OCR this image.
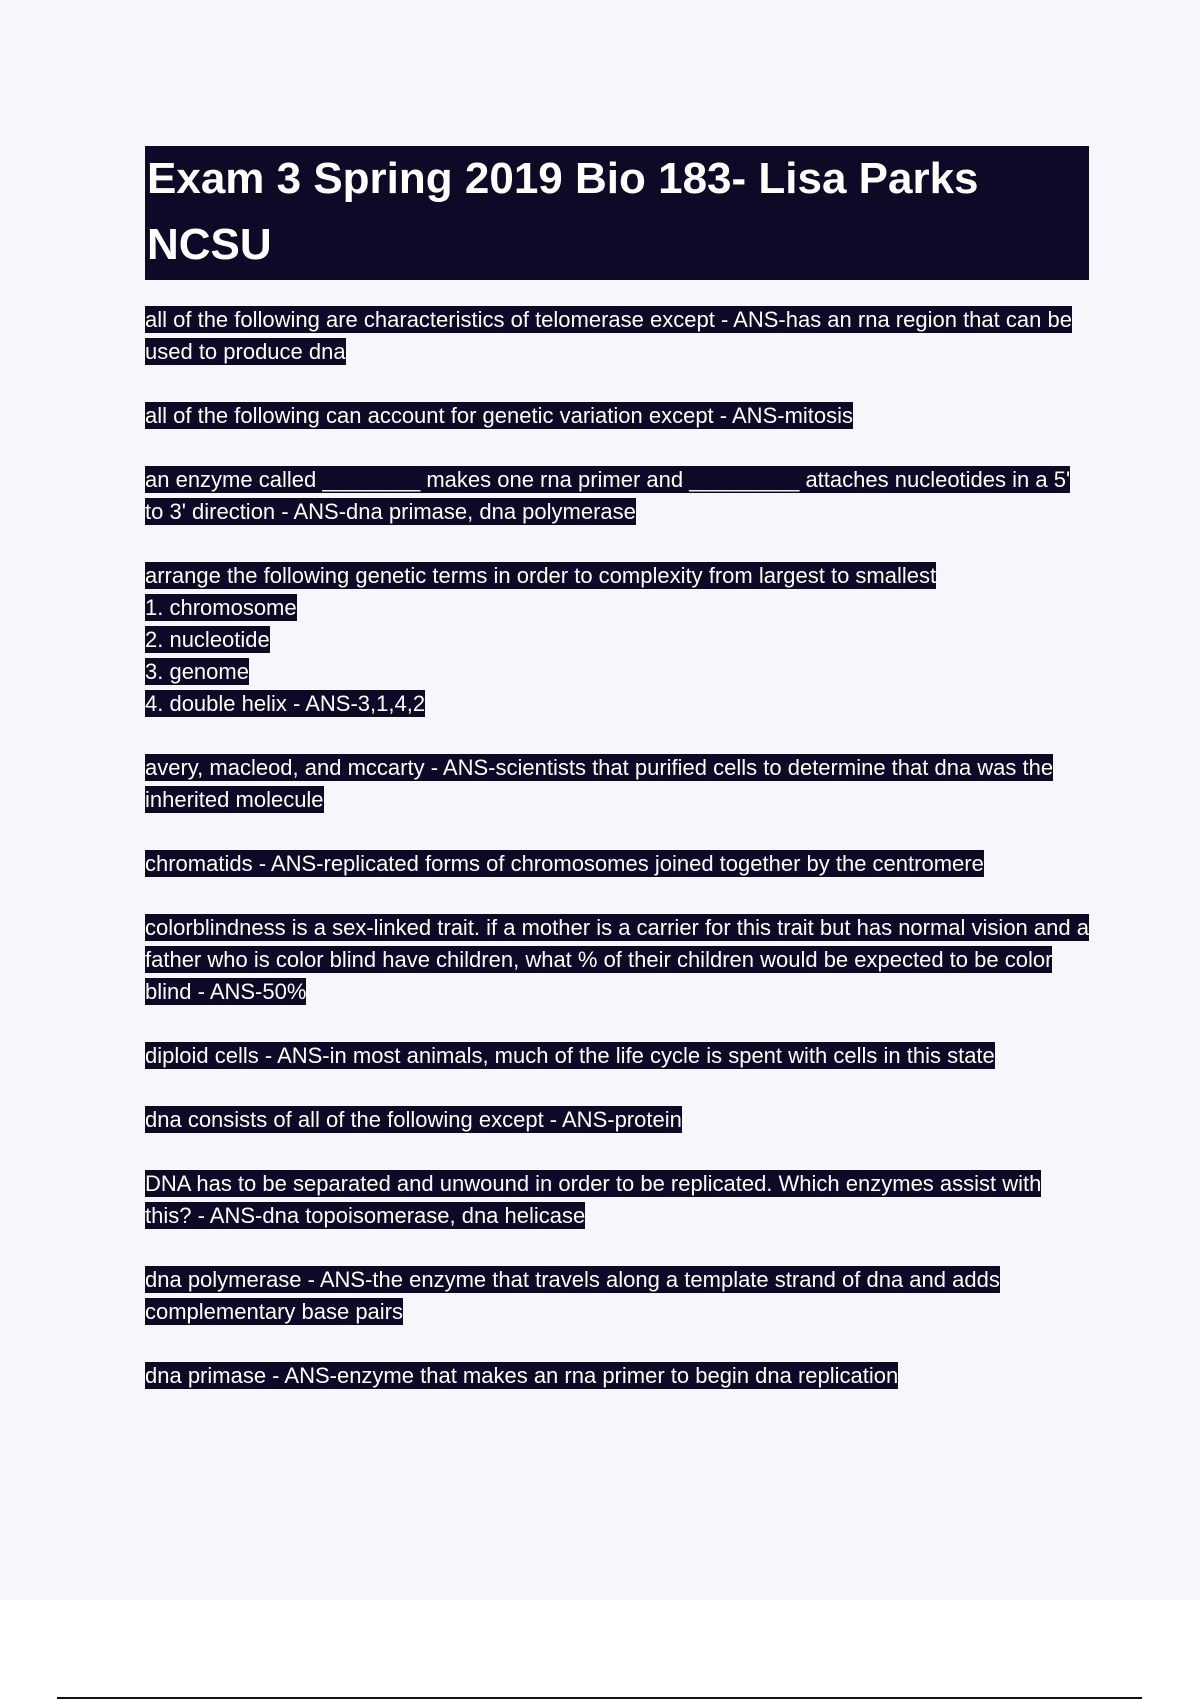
Exam 3 Spring 2019 Bio 183- Lisa Parks NCSU

all of the following are characteristics of telomerase except - ANS-has an rna region that can be used to produce dna

all of the following can account for genetic variation except - ANS-mitosis

an enzyme called ________ makes one rna primer and _________ attaches nucleotides in a 5' to 3' direction - ANS-dna primase, dna polymerase

arrange the following genetic terms in order to complexity from largest to smallest
1. chromosome
2. nucleotide
3. genome
4. double helix - ANS-3,1,4,2

avery, macleod, and mccarty - ANS-scientists that purified cells to determine that dna was the inherited molecule

chromatids - ANS-replicated forms of chromosomes joined together by the centromere

colorblindness is a sex-linked trait. if a mother is a carrier for this trait but has normal vision and a father who is color blind have children, what % of their children would be expected to be color blind - ANS-50%

diploid cells - ANS-in most animals, much of the life cycle is spent with cells in this state

dna consists of all of the following except - ANS-protein

DNA has to be separated and unwound in order to be replicated. Which enzymes assist with this? - ANS-dna topoisomerase, dna helicase

dna polymerase - ANS-the enzyme that travels along a template strand of dna and adds complementary base pairs

dna primase - ANS-enzyme that makes an rna primer to begin dna replication
